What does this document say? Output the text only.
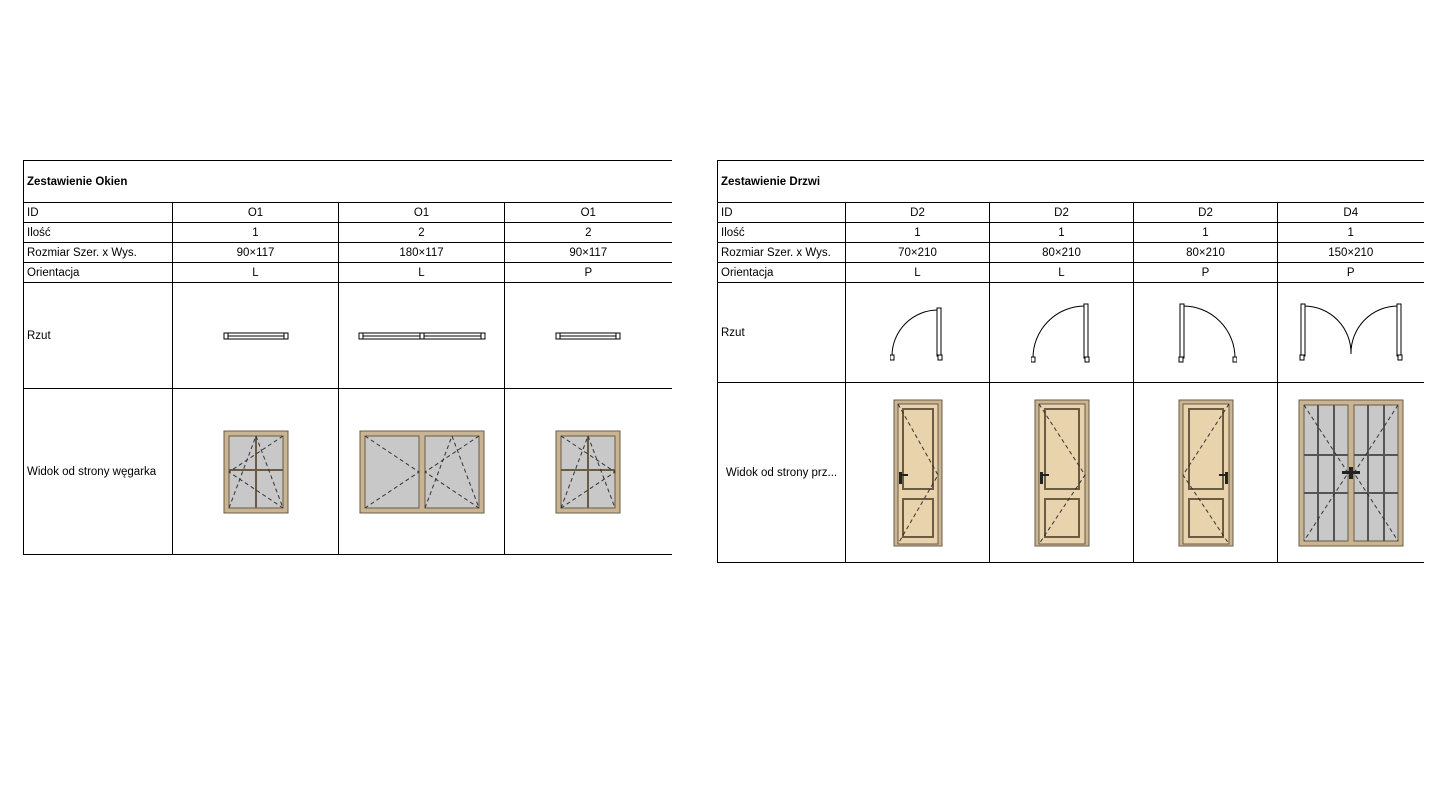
Zestawienie Okien			
ID	O1	O1	O1
Ilość	1	2	2
Rozmiar Szer. x Wys.	90×117	180×117	90×117
Orientacja	L	L	P
Rzut	

Widok od strony węgarka	

Zestawienie Drzwi				
ID	D2	D2	D2	D4
Ilość	1	1	1	1
Rozmiar Szer. x Wys.	70×210	80×210	80×210	150×210
Orientacja	L	L	P	P
Rzut	

Widok od strony prz...	
